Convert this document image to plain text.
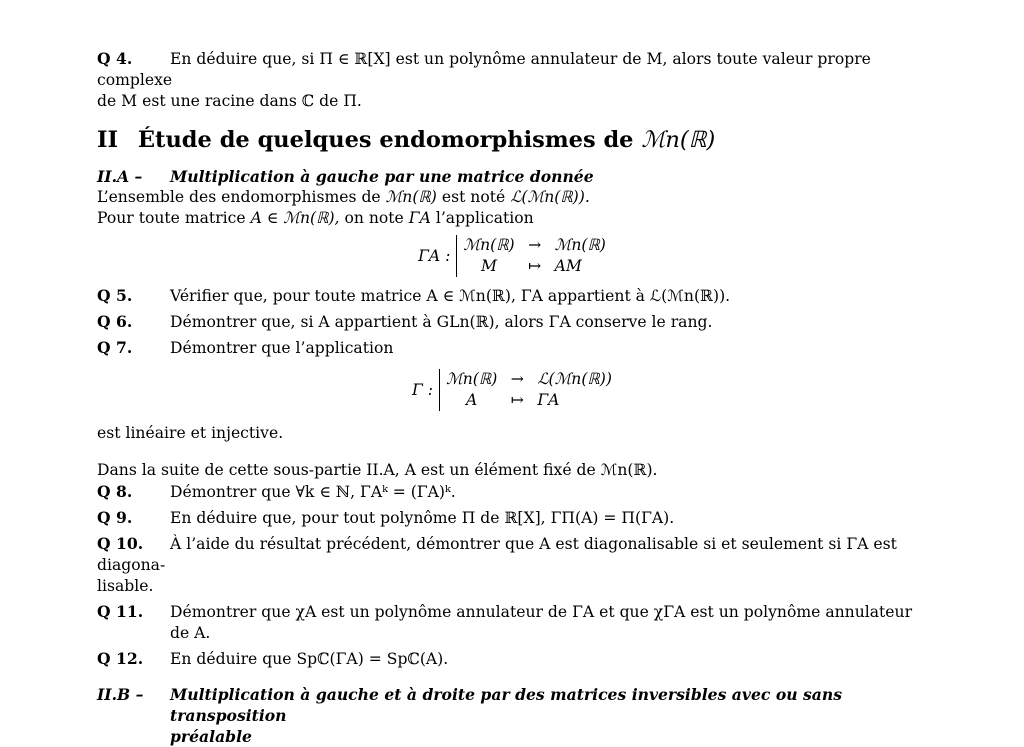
Q 4. En déduire que, si Π ∈ ℝ[X] est un polynôme annulateur de M, alors toute valeur propre complexe
de M est une racine dans ℂ de Π.
II Étude de quelques endomorphismes de ℳn(ℝ)
II.A –	Multiplication à gauche par une matrice donnée
L’ensemble des endomorphismes de ℳn(ℝ) est noté ℒ(ℳn(ℝ)).
Pour toute matrice A ∈ ℳn(ℝ), on note ΓA l’application
ΓA :
ℳn(ℝ) → ℳn(ℝ)
M	↦ AM
Q 5.	Vérifier que, pour toute matrice A ∈ ℳn(ℝ), ΓA appartient à ℒ(ℳn(ℝ)).
Q 6.	Démontrer que, si A appartient à GLn(ℝ), alors ΓA conserve le rang.
Q 7.	Démontrer que l’application
Γ :
ℳn(ℝ) → ℒ(ℳn(ℝ))
A	↦ ΓA
est linéaire et injective.
Dans la suite de cette sous-partie II.A, A est un élément fixé de ℳn(ℝ).
Q 8.	Démontrer que ∀k ∈ ℕ, ΓAᵏ = (ΓA)ᵏ.
Q 9.	En déduire que, pour tout polynôme Π de ℝ[X], ΓΠ(A) = Π(ΓA).
Q 10. À l’aide du résultat précédent, démontrer que A est diagonalisable si et seulement si ΓA est diagona-
lisable.
Q 11.	Démontrer que χA est un polynôme annulateur de ΓA et que χΓA est un polynôme annulateur de A.
Q 12.	En déduire que Spℂ(ΓA) = Spℂ(A).
II.B –	Multiplication à gauche et à droite par des matrices inversibles avec ou sans transposition
préalable
